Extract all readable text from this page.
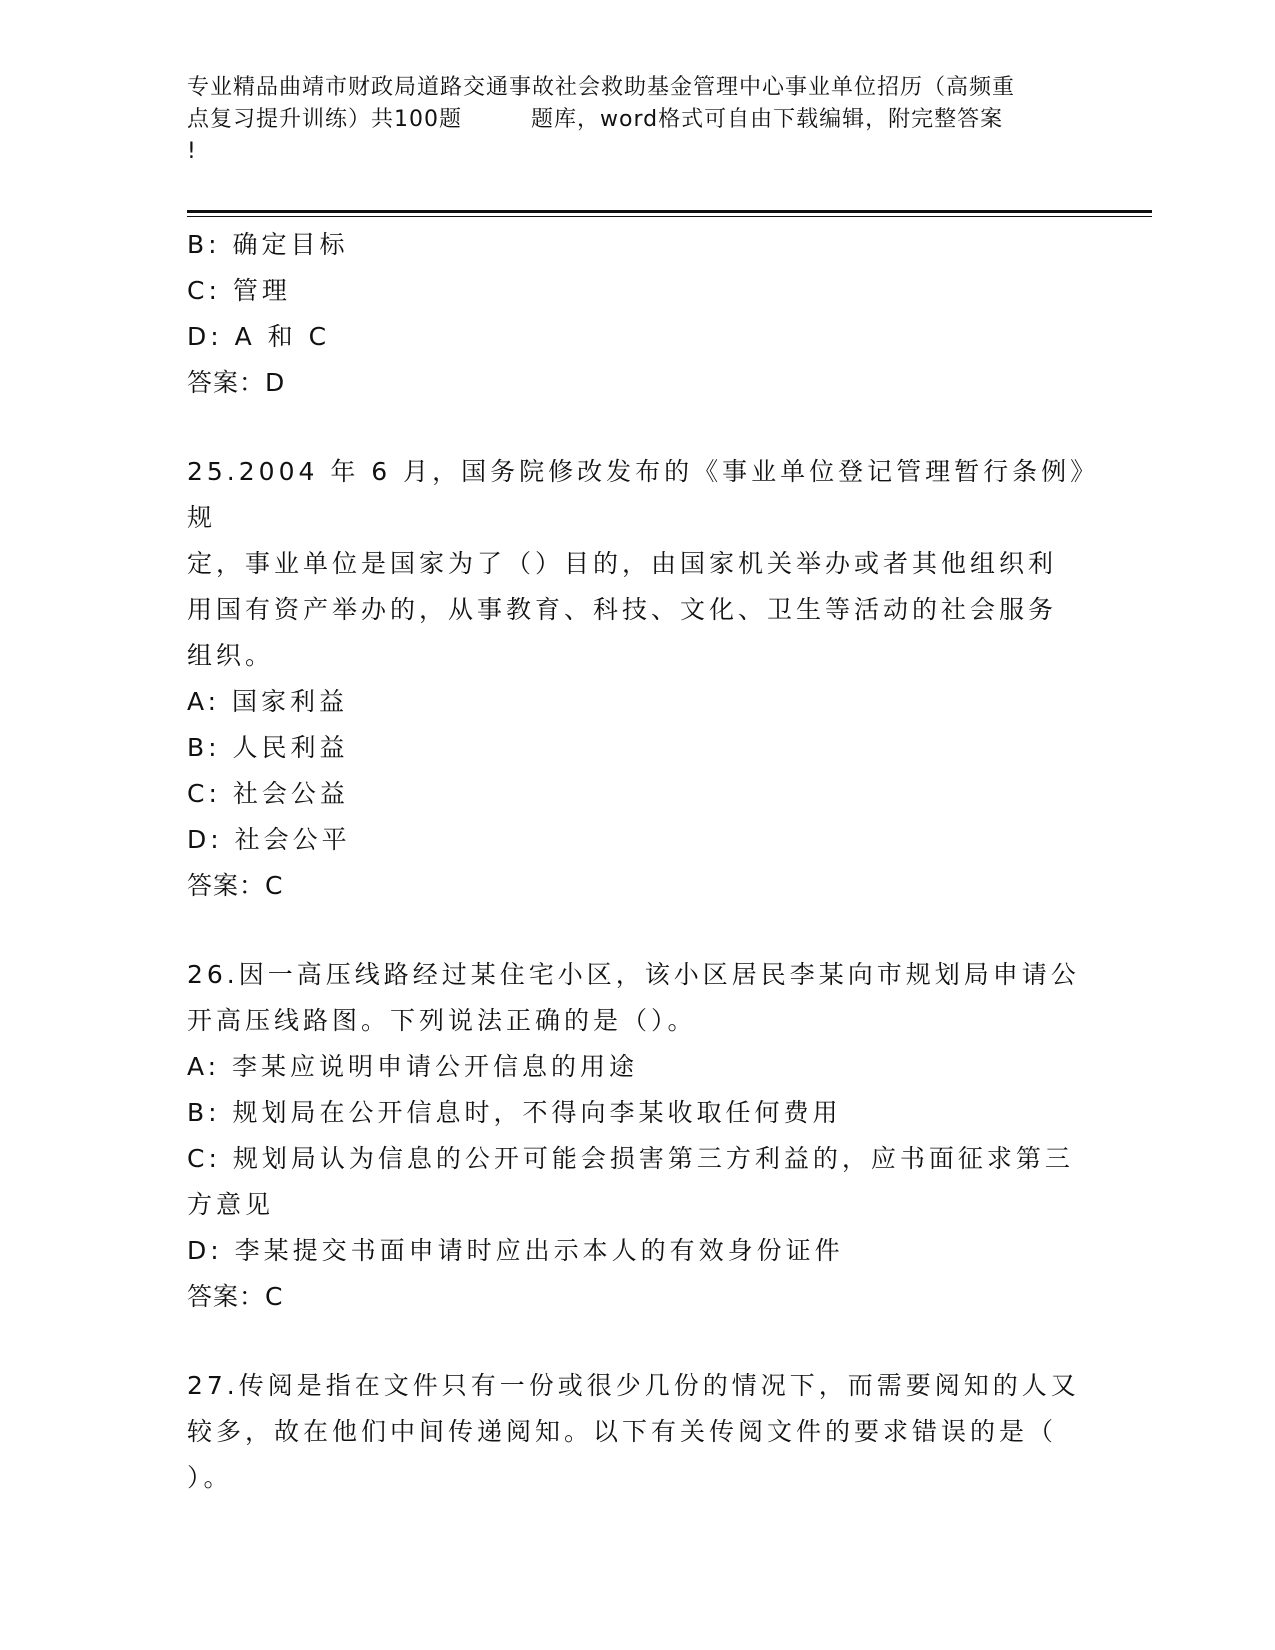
专业精品曲靖市财政局道路交通事故社会救助基金管理中心事业单位招历（高频重
点复习提升训练）共100题　　　题库，word格式可自由下载编辑，附完整答案
!

B: 确定目标

C: 管理

D: A 和 C

答案：D

25.2004 年 6 月，国务院修改发布的《事业单位登记管理暂行条例》规

定，事业单位是国家为了（）目的，由国家机关举办或者其他组织利

用国有资产举办的，从事教育、科技、文化、卫生等活动的社会服务

组织。

A: 国家利益

B: 人民利益

C: 社会公益

D: 社会公平

答案：C

26.因一高压线路经过某住宅小区，该小区居民李某向市规划局申请公

开高压线路图。下列说法正确的是（）。

A: 李某应说明申请公开信息的用途

B: 规划局在公开信息时，不得向李某收取任何费用

C: 规划局认为信息的公开可能会损害第三方利益的，应书面征求第三

方意见

D: 李某提交书面申请时应出示本人的有效身份证件

答案：C

27.传阅是指在文件只有一份或很少几份的情况下，而需要阅知的人又

较多，故在他们中间传递阅知。以下有关传阅文件的要求错误的是（

）。
